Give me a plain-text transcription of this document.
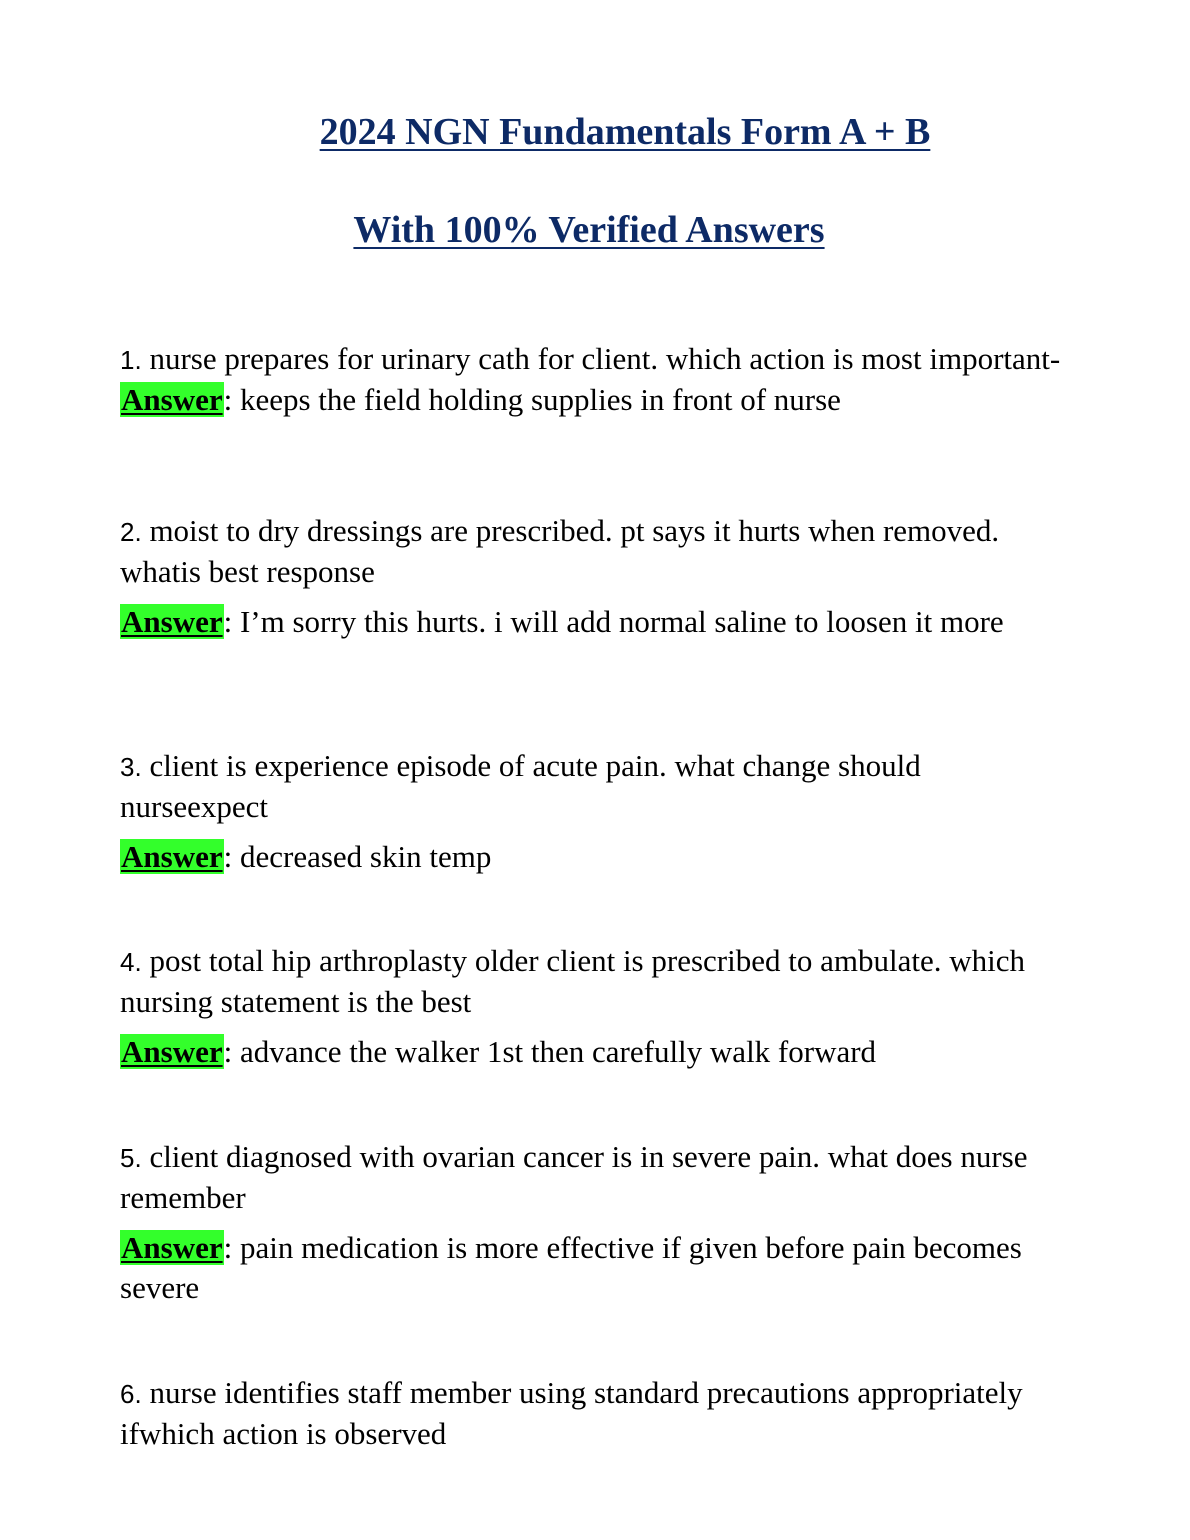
2024 NGN Fundamentals Form A + B
With 100% Verified Answers

1. nurse prepares for urinary cath for client. which action is most important-

Answer: keeps the field holding supplies in front of nurse

2. moist to dry dressings are prescribed. pt says it hurts when removed. whatis best response

Answer: I’m sorry this hurts. i will add normal saline to loosen it more

3. client is experience episode of acute pain. what change should nurseexpect

Answer: decreased skin temp

4. post total hip arthroplasty older client is prescribed to ambulate. which nursing statement is the best

Answer: advance the walker 1st then carefully walk forward

5. client diagnosed with ovarian cancer is in severe pain. what does nurse remember

Answer: pain medication is more effective if given before pain becomes severe

6. nurse identifies staff member using standard precautions appropriately ifwhich action is observed
